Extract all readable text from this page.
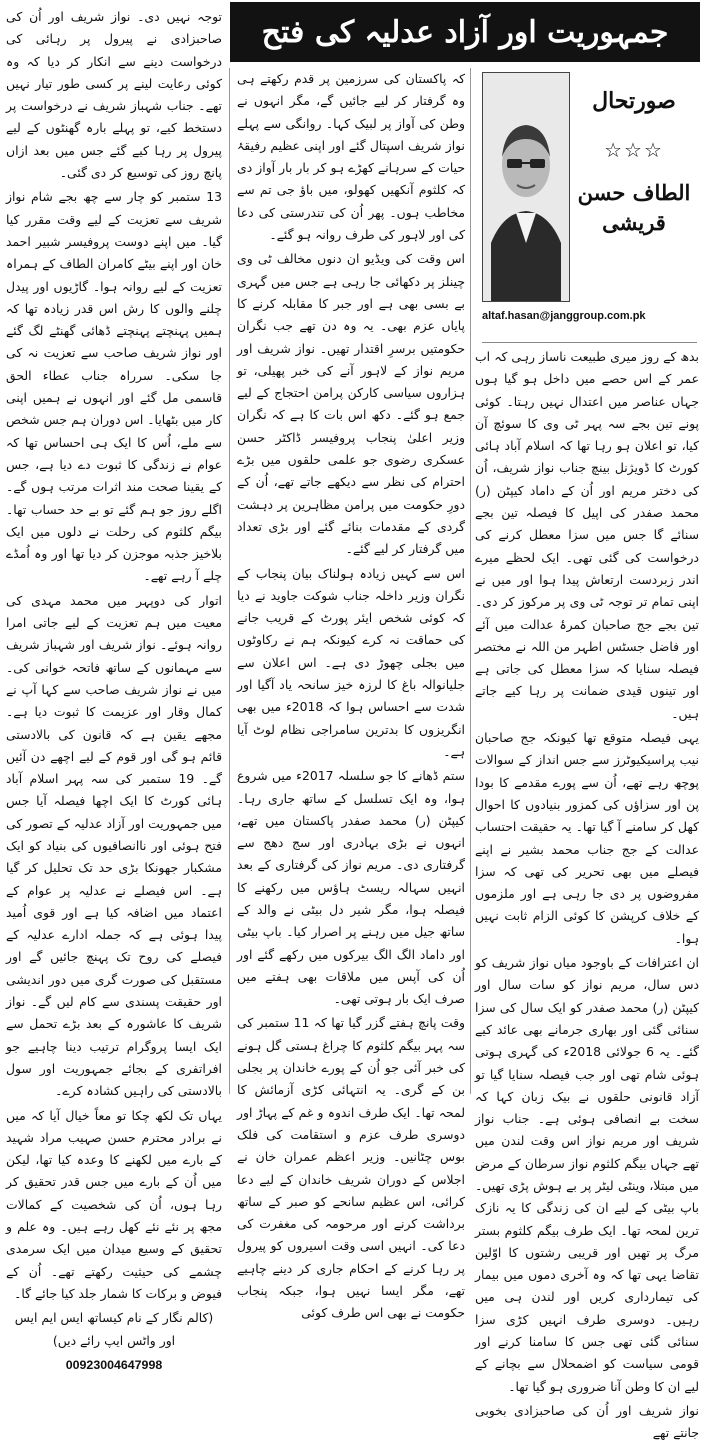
جمہوریت اور آزاد عدلیہ کی فتح
صورتحال
☆☆☆
الطاف حسن قریشی
altaf.hasan@janggroup.com.pk

بدھ کے روز میری طبیعت ناساز رہی کہ اب عمر کے اس حصے میں داخل ہو گیا ہوں جہاں عناصر میں اعتدال نہیں رہتا۔ کوئی پونے تین بجے سہ پہر ٹی وی کا سوئچ آن کیا، تو اعلان ہو رہا تھا کہ اسلام آباد ہائی کورٹ کا ڈویژنل بینچ جناب نواز شریف، اُن کی دختر مریم اور اُن کے داماد کیپٹن (ر) محمد صفدر کی اپیل کا فیصلہ تین بجے سنائے گا جس میں سزا معطل کرنے کی درخواست کی گئی تھی۔ ایک لحظے میرے اندر زبردست ارتعاش پیدا ہوا اور میں نے اپنی تمام تر توجہ ٹی وی پر مرکوز کر دی۔ تین بجے جج صاحبان کمرۂ عدالت میں آئے اور فاضل جسٹس اطہر من اللہ نے مختصر فیصلہ سنایا کہ سزا معطل کی جاتی ہے اور تینوں قیدی ضمانت پر رہا کیے جاتے ہیں۔

یہی فیصلہ متوقع تھا کیونکہ جج صاحبان نیب پراسیکیوٹرز سے جس انداز کے سوالات پوچھ رہے تھے، اُن سے پورے مقدمے کا بودا پن اور سزاؤں کی کمزور بنیادوں کا احوال کھل کر سامنے آ گیا تھا۔ یہ حقیقت احتساب عدالت کے جج جناب محمد بشیر نے اپنے فیصلے میں بھی تحریر کی تھی کہ سزا مفروضوں پر دی جا رہی ہے اور ملزموں کے خلاف کرپشن کا کوئی الزام ثابت نہیں ہوا۔

ان اعترافات کے باوجود میاں نواز شریف کو دس سال، مریم نواز کو سات سال اور کیپٹن (ر) محمد صفدر کو ایک سال کی سزا سنائی گئی اور بھاری جرمانے بھی عائد کیے گئے۔ یہ 6 جولائی 2018ء کی گہری ہوتی ہوئی شام تھی اور جب فیصلہ سنایا گیا تو آزاد قانونی حلقوں نے بیک زبان کہا کہ سخت بے انصافی ہوئی ہے۔ جناب نواز شریف اور مریم نواز اس وقت لندن میں تھے جہاں بیگم کلثوم نواز سرطان کے مرض میں مبتلا، وینٹی لیٹر پر بے ہوش پڑی تھیں۔ باپ بیٹی کے لیے ان کی زندگی کا یہ نازک ترین لمحہ تھا۔ ایک طرف بیگم کلثوم بستر مرگ پر تھیں اور قریبی رشتوں کا اوّلین تقاضا یہی تھا کہ وہ آخری دموں میں بیمار کی تیمارداری کریں اور لندن ہی میں رہیں۔ دوسری طرف انہیں کڑی سزا سنائی گئی تھی جس کا سامنا کرنے اور قومی سیاست کو اضمحلال سے بچانے کے لیے ان کا وطن آنا ضروری ہو گیا تھا۔

نواز شریف اور اُن کی صاحبزادی بخوبی جانتے تھے

کہ پاکستان کی سرزمین پر قدم رکھتے ہی وہ گرفتار کر لیے جائیں گے، مگر انہوں نے وطن کی آواز پر لبیک کہا۔ روانگی سے پہلے نواز شریف اسپتال گئے اور اپنی عظیم رفیقۂ حیات کے سرہانے کھڑے ہو کر بار بار آواز دی کہ کلثوم آنکھیں کھولو، میں باؤ جی تم سے مخاطب ہوں۔ پھر اُن کی تندرستی کی دعا کی اور لاہور کی طرف روانہ ہو گئے۔

اس وقت کی ویڈیو ان دنوں مخالف ٹی وی چینلز پر دکھائی جا رہی ہے جس میں گہری بے بسی بھی ہے اور جبر کا مقابلہ کرنے کا پایاں عزم بھی۔ یہ وہ دن تھے جب نگران حکومتیں برسرِ اقتدار تھیں۔ نواز شریف اور مریم نواز کے لاہور آنے کی خبر پھیلی، تو ہزاروں سیاسی کارکن پرامن احتجاج کے لیے جمع ہو گئے۔ دکھ اس بات کا ہے کہ نگران وزیر اعلیٰ پنجاب پروفیسر ڈاکٹر حسن عسکری رضوی جو علمی حلقوں میں بڑے احترام کی نظر سے دیکھے جاتے تھے، اُن کے دورِ حکومت میں پرامن مظاہرین پر دہشت گردی کے مقدمات بنائے گئے اور بڑی تعداد میں گرفتار کر لیے گئے۔

اس سے کہیں زیادہ ہولناک بیان پنجاب کے نگران وزیر داخلہ جناب شوکت جاوید نے دیا کہ کوئی شخص ایئر پورٹ کے قریب جانے کی حماقت نہ کرے کیونکہ ہم نے رکاوٹوں میں بجلی چھوڑ دی ہے۔ اس اعلان سے جلیانوالہ باغ کا لرزہ خیز سانحہ یاد آگیا اور شدت سے احساس ہوا کہ 2018ء میں بھی انگریزوں کا بدترین سامراجی نظام لوٹ آیا ہے۔

ستم ڈھانے کا جو سلسلہ 2017ء میں شروع ہوا، وہ ایک تسلسل کے ساتھ جاری رہا۔ کیپٹن (ر) محمد صفدر پاکستان میں تھے، انہوں نے بڑی بہادری اور سج دھج سے گرفتاری دی۔ مریم نواز کی گرفتاری کے بعد انہیں سہالہ ریسٹ ہاؤس میں رکھنے کا فیصلہ ہوا، مگر شیر دل بیٹی نے والد کے ساتھ جیل میں رہنے پر اصرار کیا۔ باپ بیٹی اور داماد الگ الگ بیرکوں میں رکھے گئے اور اُن کی آپس میں ملاقات بھی ہفتے میں صرف ایک بار ہوتی تھی۔

وقت پانچ ہفتے گزر گیا تھا کہ 11 ستمبر کی سہ پہر بیگم کلثوم کا چراغ ہستی گل ہونے کی خبر آئی جو اُن کے پورے خاندان پر بجلی بن کے گری۔ یہ انتہائی کڑی آزمائش کا لمحہ تھا۔ ایک طرف اندوہ و غم کے پہاڑ اور دوسری طرف عزم و استقامت کی فلک بوس چٹانیں۔ وزیر اعظم عمران خان نے اجلاس کے دوران شریف خاندان کے لیے دعا کرائی، اس عظیم سانحے کو صبر کے ساتھ برداشت کرنے اور مرحومہ کی مغفرت کی دعا کی۔ انہیں اسی وقت اسیروں کو پیرول پر رہا کرنے کے احکام جاری کر دینے چاہیے تھے، مگر ایسا نہیں ہوا، جبکہ پنجاب حکومت نے بھی اس طرف کوئی

توجہ نہیں دی۔ نواز شریف اور اُن کی صاحبزادی نے پیرول پر رہائی کی درخواست دینے سے انکار کر دیا کہ وہ کوئی رعایت لینے پر کسی طور تیار نہیں تھے۔ جناب شہباز شریف نے درخواست پر دستخط کیے، تو پہلے بارہ گھنٹوں کے لیے پیرول پر رہا کیے گئے جس میں بعد ازاں پانچ روز کی توسیع کر دی گئی۔

13 ستمبر کو چار سے چھ بجے شام نواز شریف سے تعزیت کے لیے وقت مقرر کیا گیا۔ میں اپنے دوست پروفیسر شبیر احمد خان اور اپنے بیٹے کامران الطاف کے ہمراہ تعزیت کے لیے روانہ ہوا۔ گاڑیوں اور پیدل چلنے والوں کا رش اس قدر زیادہ تھا کہ ہمیں پہنچتے پہنچتے ڈھائی گھنٹے لگ گئے اور نواز شریف صاحب سے تعزیت نہ کی جا سکی۔ سرراہ جناب عطاء الحق قاسمی مل گئے اور انہوں نے ہمیں اپنی کار میں بٹھایا۔ اس دوران ہم جس شخص سے ملے، اُس کا ایک ہی احساس تھا کہ عوام نے زندگی کا ثبوت دے دیا ہے، جس کے یقینا صحت مند اثرات مرتب ہوں گے۔ اگلے روز جو ہم گئے تو بے حد حساب تھا۔ بیگم کلثوم کی رحلت نے دلوں میں ایک بلاخیز جذبہ موجزن کر دیا تھا اور وہ اُمڈے چلے آ رہے تھے۔

اتوار کی دوپہر میں محمد مہدی کی معیت میں ہم تعزیت کے لیے جاتی امرا روانہ ہوئے۔ نواز شریف اور شہباز شریف سے مہمانوں کے ساتھ فاتحہ خوانی کی۔ میں نے نواز شریف صاحب سے کہا آپ نے کمال وقار اور عزیمت کا ثبوت دیا ہے۔ مجھے یقین ہے کہ قانون کی بالادستی قائم ہو گی اور قوم کے لیے اچھے دن آئیں گے۔ 19 ستمبر کی سہ پہر اسلام آباد ہائی کورٹ کا ایک اچھا فیصلہ آیا جس میں جمہوریت اور آزاد عدلیہ کے تصور کی فتح ہوئی اور ناانصافیوں کی بنیاد کو ایک مشکبار جھونکا بڑی حد تک تحلیل کر گیا ہے۔ اس فیصلے نے عدلیہ پر عوام کے اعتماد میں اضافہ کیا ہے اور قوی اُمید پیدا ہوئی ہے کہ جملہ ادارے عدلیہ کے فیصلے کی روح تک پہنچ جائیں گے اور مستقبل کی صورت گری میں دور اندیشی اور حقیقت پسندی سے کام لیں گے۔ نواز شریف کا عاشورہ کے بعد بڑے تحمل سے ایک ایسا پروگرام ترتیب دینا چاہیے جو افراتفری کے بجائے جمہوریت اور سول بالادستی کی راہیں کشادہ کرے۔

یہاں تک لکھ چکا تو معاً خیال آیا کہ میں نے برادر محترم حسن صہیب مراد شہید کے بارے میں لکھنے کا وعدہ کیا تھا، لیکن میں اُن کے بارے میں جس قدر تحقیق کر رہا ہوں، اُن کی شخصیت کے کمالات مجھ پر نئے نئے کھل رہے ہیں۔ وہ علم و تحقیق کے وسیع میدان میں ایک سرمدی چشمے کی حیثیت رکھتے تھے۔ اُن کے فیوض و برکات کا شمار جلد کیا جائے گا۔

(کالم نگار کے نام کیساتھ ایس ایم ایس اور واٹس ایپ رائے دیں)

00923004647998
